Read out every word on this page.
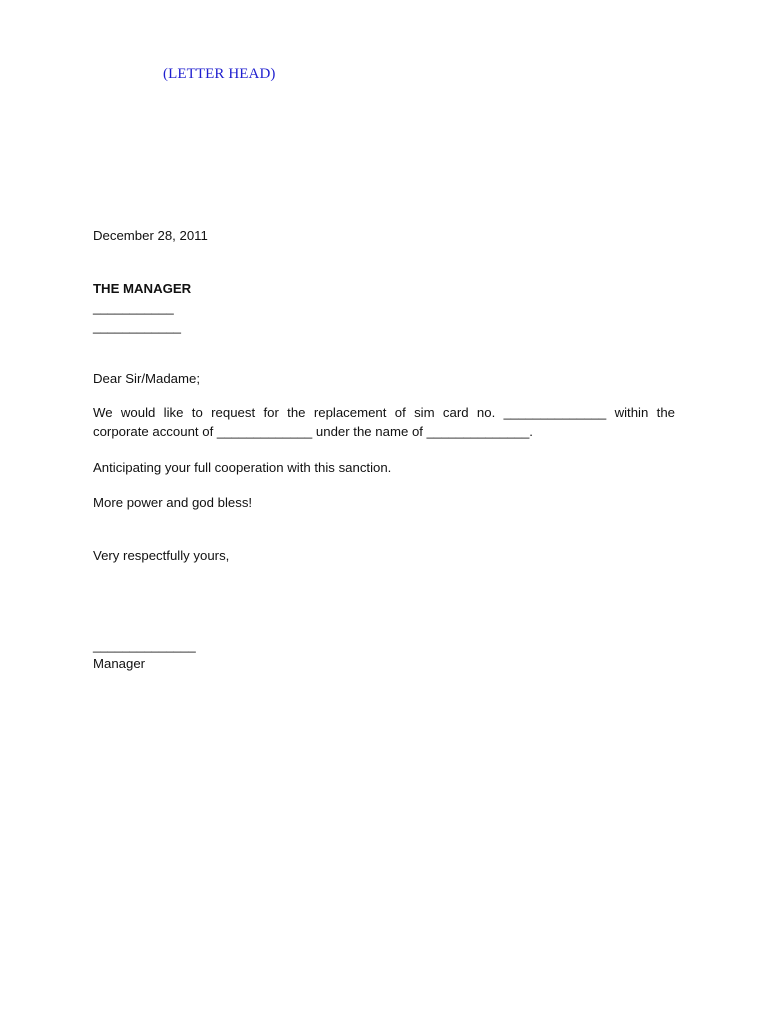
(LETTER HEAD)
December 28, 2011
THE MANAGER
___________
____________
Dear Sir/Madame;
We would like to request for the replacement of sim card no. ______________ within the
corporate account of _____________ under the name of ______________.
Anticipating your full cooperation with this sanction.
More power and god bless!
Very respectfully yours,
______________
Manager
